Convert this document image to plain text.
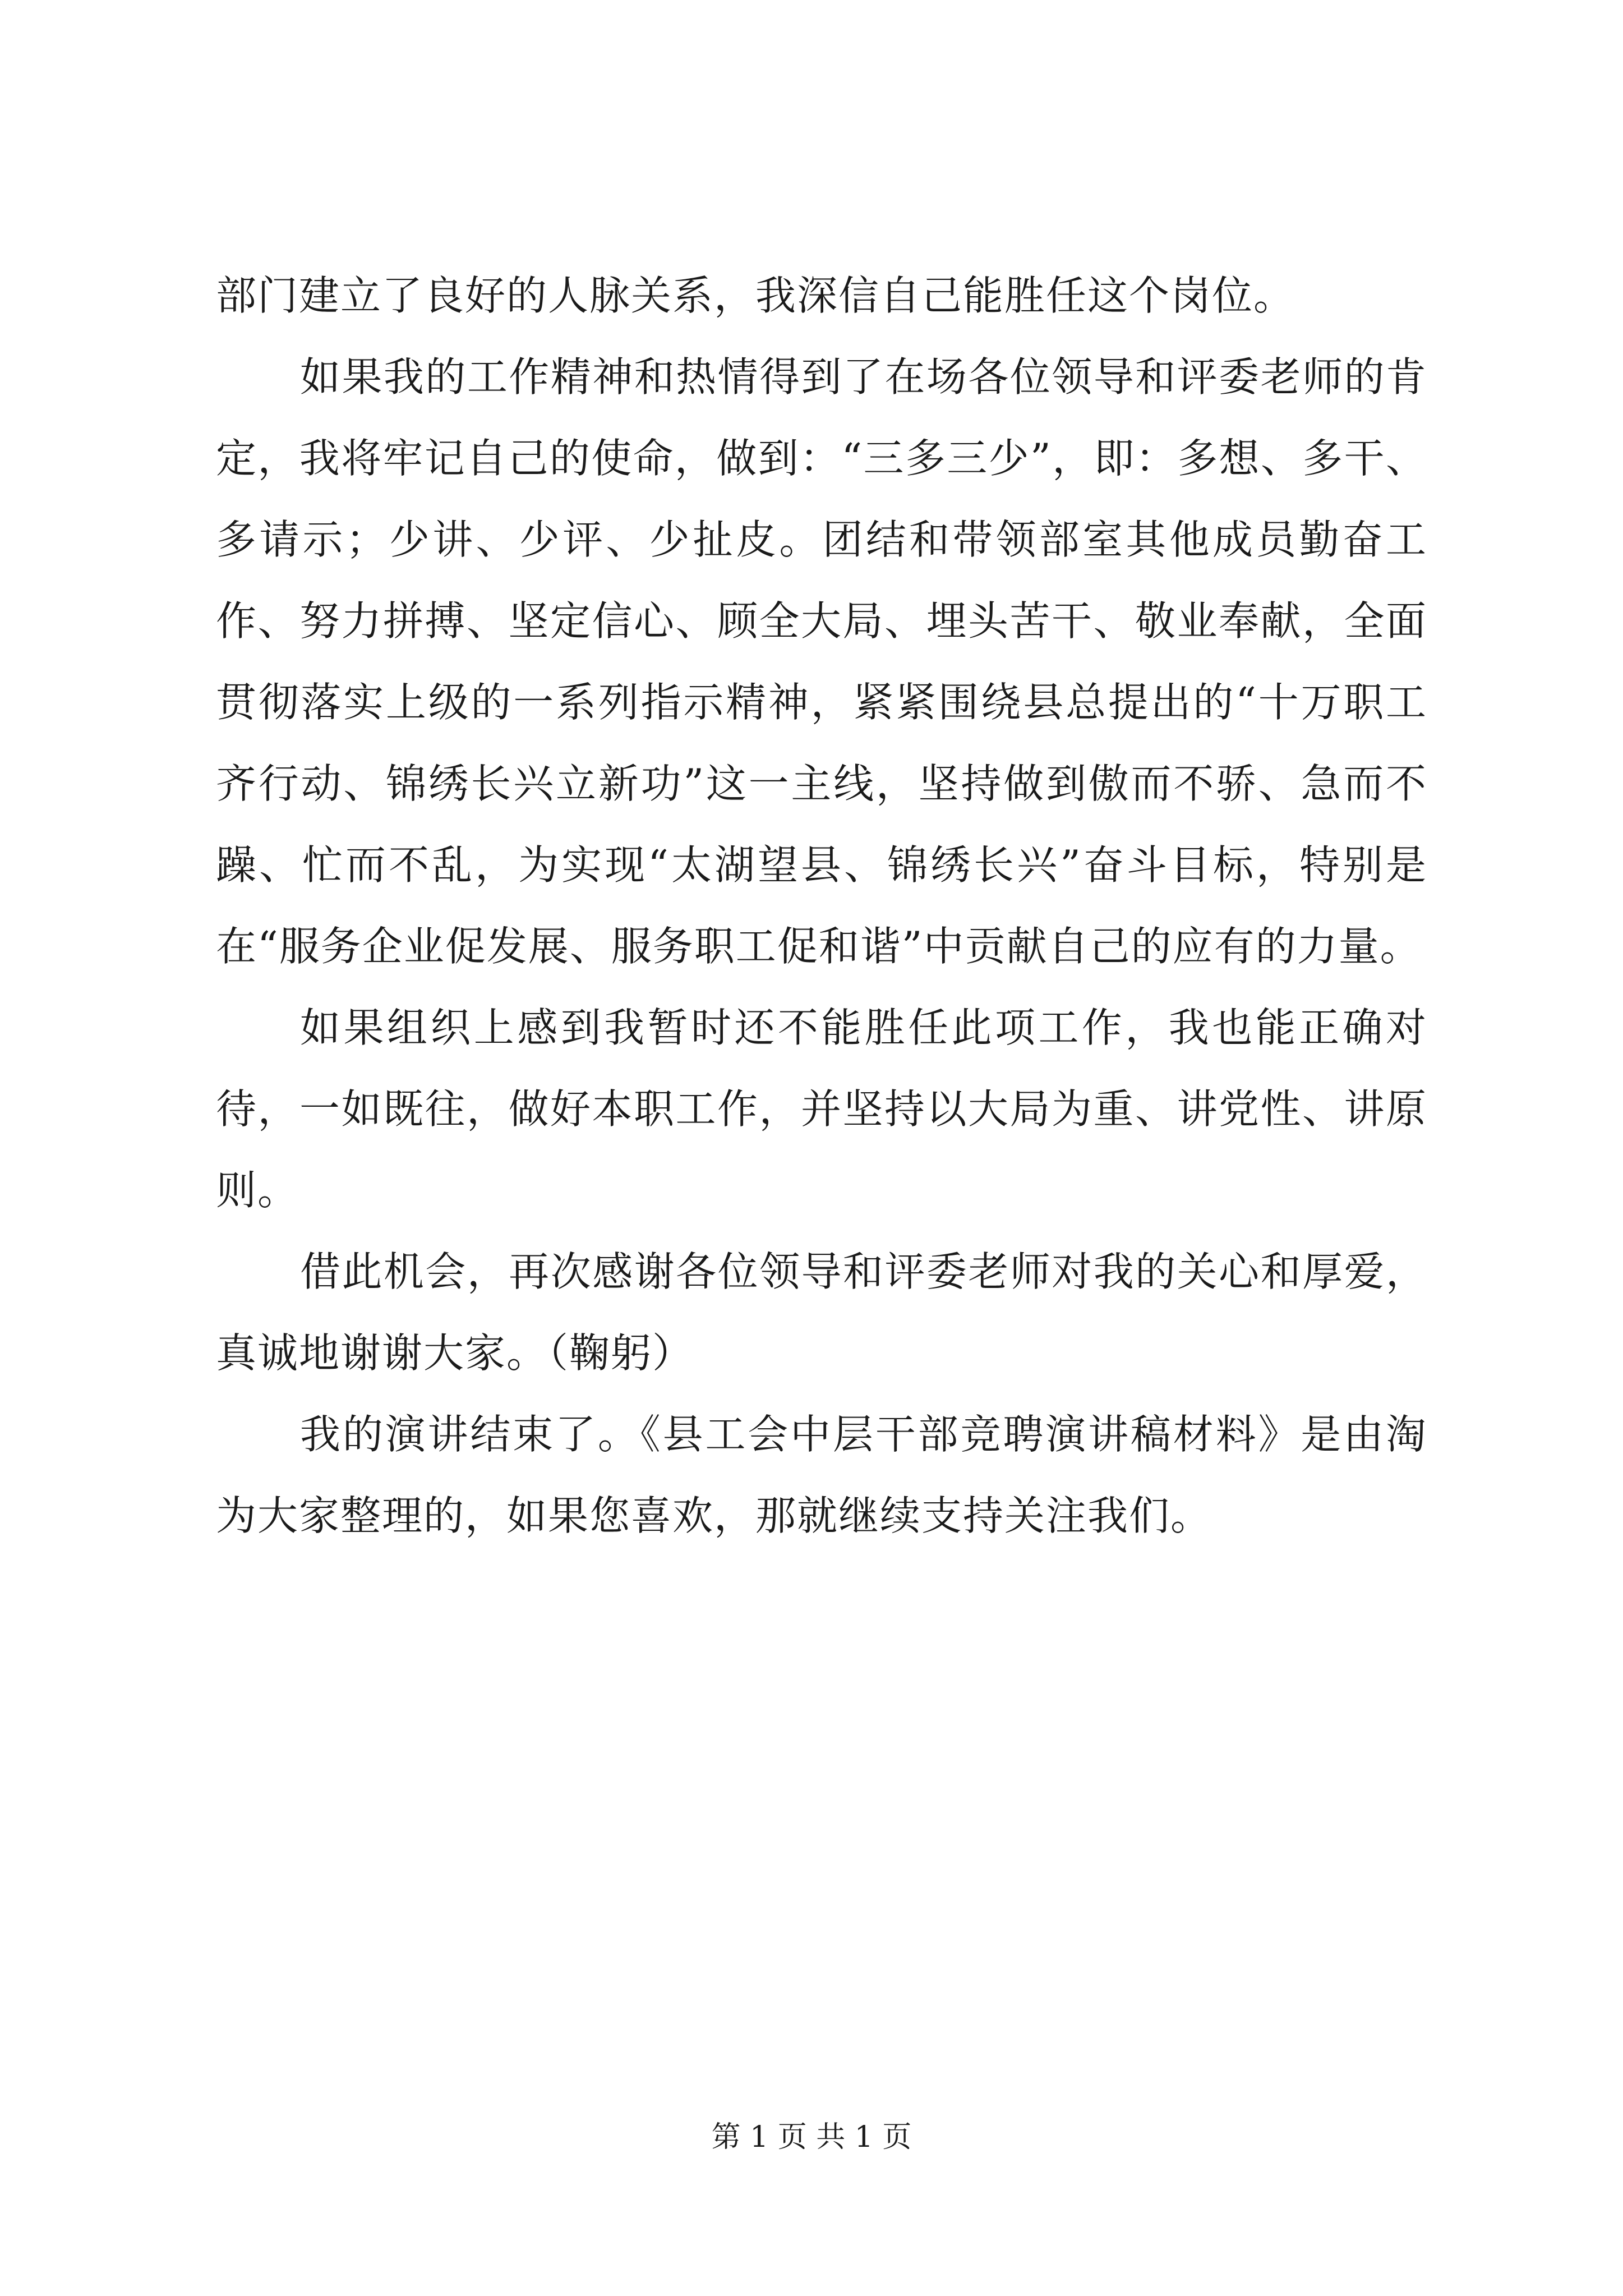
部门建立了良好的人脉关系，我深信自己能胜任这个岗位。

如果我的工作精神和热情得到了在场各位领导和评委老师的肯定，我将牢记自己的使命，做到：“三多三少”，即：多想、多干、多请示；少讲、少评、少扯皮。团结和带领部室其他成员勤奋工作、努力拼搏、坚定信心、顾全大局、埋头苦干、敬业奉献，全面贯彻落实上级的一系列指示精神，紧紧围绕县总提出的“十万职工齐行动、锦绣长兴立新功”这一主线，坚持做到傲而不骄、急而不躁、忙而不乱，为实现“太湖望县、锦绣长兴”奋斗目标，特别是在“服务企业促发展、服务职工促和谐”中贡献自己的应有的力量。

如果组织上感到我暂时还不能胜任此项工作，我也能正确对待，一如既往，做好本职工作，并坚持以大局为重、讲党性、讲原则。

借此机会，再次感谢各位领导和评委老师对我的关心和厚爱，真诚地谢谢大家。（鞠躬）

我的演讲结束了。《县工会中层干部竞聘演讲稿材料》是由淘为大家整理的，如果您喜欢，那就继续支持关注我们。

第 1 页 共 1 页
